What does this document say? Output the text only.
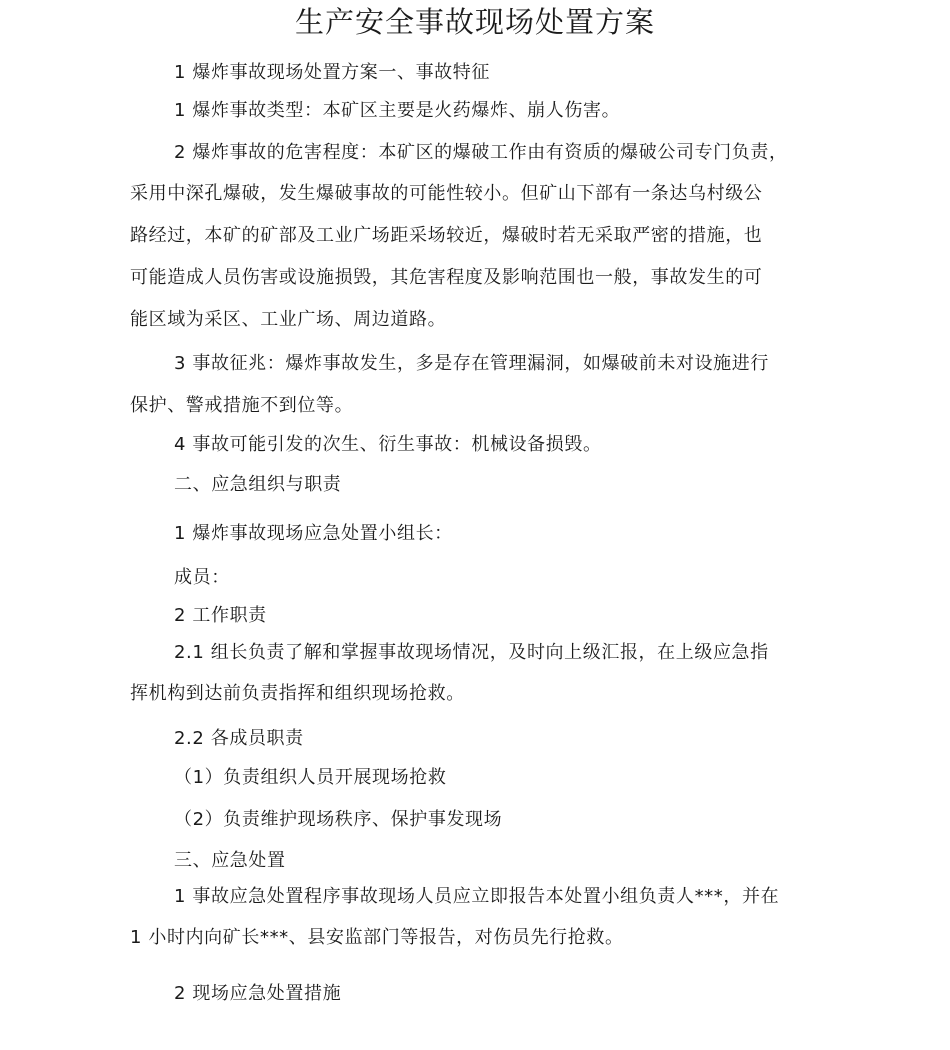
生产安全事故现场处置方案
1 爆炸事故现场处置方案一、事故特征
1 爆炸事故类型：本矿区主要是火药爆炸、崩人伤害。
2 爆炸事故的危害程度：本矿区的爆破工作由有资质的爆破公司专门负责，
采用中深孔爆破，发生爆破事故的可能性较小。但矿山下部有一条达乌村级公
路经过，本矿的矿部及工业广场距采场较近，爆破时若无采取严密的措施，也
可能造成人员伤害或设施损毁，其危害程度及影响范围也一般，事故发生的可
能区域为采区、工业广场、周边道路。
3 事故征兆：爆炸事故发生，多是存在管理漏洞，如爆破前未对设施进行
保护、警戒措施不到位等。
4 事故可能引发的次生、衍生事故：机械设备损毁。
二、应急组织与职责
1 爆炸事故现场应急处置小组长：
成员：
2 工作职责
2.1 组长负责了解和掌握事故现场情况，及时向上级汇报，在上级应急指
挥机构到达前负责指挥和组织现场抢救。
2.2 各成员职责
（1）负责组织人员开展现场抢救
（2）负责维护现场秩序、保护事发现场
三、应急处置
1 事故应急处置程序事故现场人员应立即报告本处置小组负责人***，并在
1 小时内向矿长***、县安监部门等报告，对伤员先行抢救。
2 现场应急处置措施
